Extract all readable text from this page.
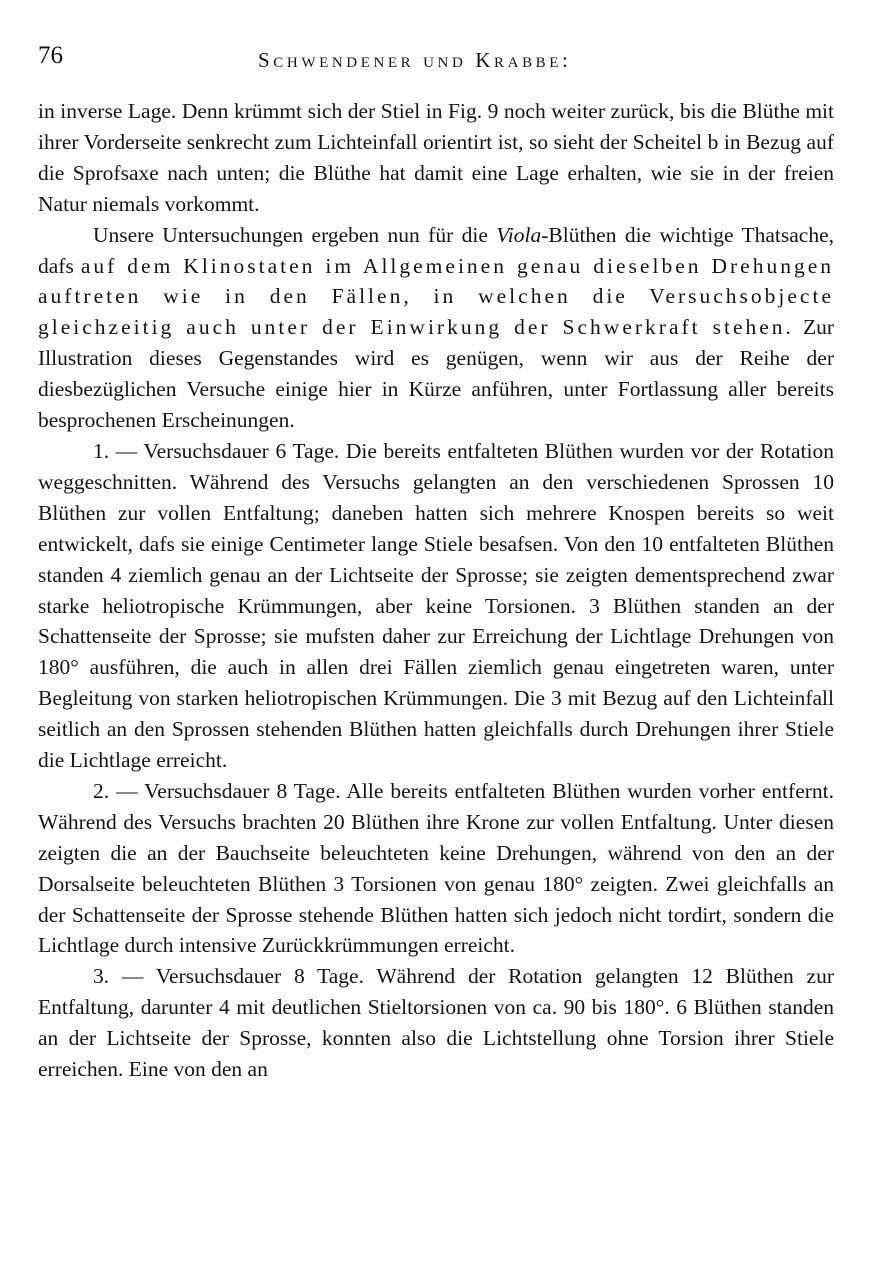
76	Schwendener und Krabbe:

in inverse Lage. Denn krümmt sich der Stiel in Fig. 9 noch weiter zurück, bis die Blüthe mit ihrer Vorderseite senkrecht zum Lichteinfall orientirt ist, so sieht der Scheitel b in Bezug auf die Sprofsaxe nach unten; die Blüthe hat damit eine Lage erhalten, wie sie in der freien Natur niemals vorkommt.

Unsere Untersuchungen ergeben nun für die Viola-Blüthen die wichtige Thatsache, dafs auf dem Klinostaten im Allgemeinen genau dieselben Drehungen auftreten wie in den Fällen, in welchen die Versuchsobjecte gleichzeitig auch unter der Einwirkung der Schwerkraft stehen. Zur Illustration dieses Gegenstandes wird es genügen, wenn wir aus der Reihe der diesbezüglichen Versuche einige hier in Kürze anführen, unter Fortlassung aller bereits besprochenen Erscheinungen.

1. — Versuchsdauer 6 Tage. Die bereits entfalteten Blüthen wurden vor der Rotation weggeschnitten. Während des Versuchs gelangten an den verschiedenen Sprossen 10 Blüthen zur vollen Entfaltung; daneben hatten sich mehrere Knospen bereits so weit entwickelt, dafs sie einige Centimeter lange Stiele besafsen. Von den 10 entfalteten Blüthen standen 4 ziemlich genau an der Lichtseite der Sprosse; sie zeigten dementsprechend zwar starke heliotropische Krümmungen, aber keine Torsionen. 3 Blüthen standen an der Schattenseite der Sprosse; sie mufsten daher zur Erreichung der Lichtlage Drehungen von 180° ausführen, die auch in allen drei Fällen ziemlich genau eingetreten waren, unter Begleitung von starken heliotropischen Krümmungen. Die 3 mit Bezug auf den Lichteinfall seitlich an den Sprossen stehenden Blüthen hatten gleichfalls durch Drehungen ihrer Stiele die Lichtlage erreicht.

2. — Versuchsdauer 8 Tage. Alle bereits entfalteten Blüthen wurden vorher entfernt. Während des Versuchs brachten 20 Blüthen ihre Krone zur vollen Entfaltung. Unter diesen zeigten die an der Bauchseite beleuchteten keine Drehungen, während von den an der Dorsalseite beleuchteten Blüthen 3 Torsionen von genau 180° zeigten. Zwei gleichfalls an der Schattenseite der Sprosse stehende Blüthen hatten sich jedoch nicht tordirt, sondern die Lichtlage durch intensive Zurückkrümmungen erreicht.

3. — Versuchsdauer 8 Tage. Während der Rotation gelangten 12 Blüthen zur Entfaltung, darunter 4 mit deutlichen Stieltorsionen von ca. 90 bis 180°. 6 Blüthen standen an der Lichtseite der Sprosse, konnten also die Lichtstellung ohne Torsion ihrer Stiele erreichen. Eine von den an
